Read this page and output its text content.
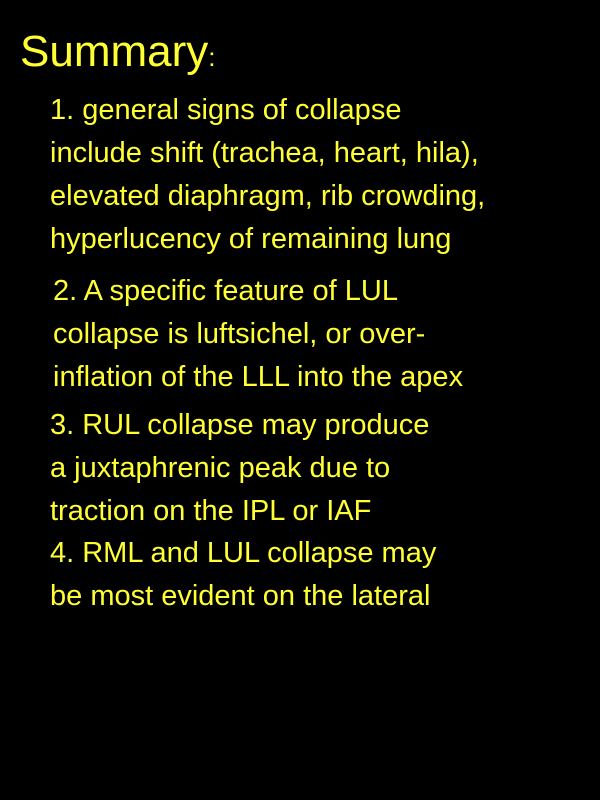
Summary:
1. general signs of collapse
include shift (trachea, heart, hila),
elevated diaphragm, rib crowding,
hyperlucency of remaining lung
2. A specific feature of LUL
collapse is luftsichel, or over-
inflation of the LLL into the apex
3. RUL collapse may produce
a juxtaphrenic peak due to
traction on the IPL or IAF
4. RML and LUL collapse may
be most evident on the lateral
